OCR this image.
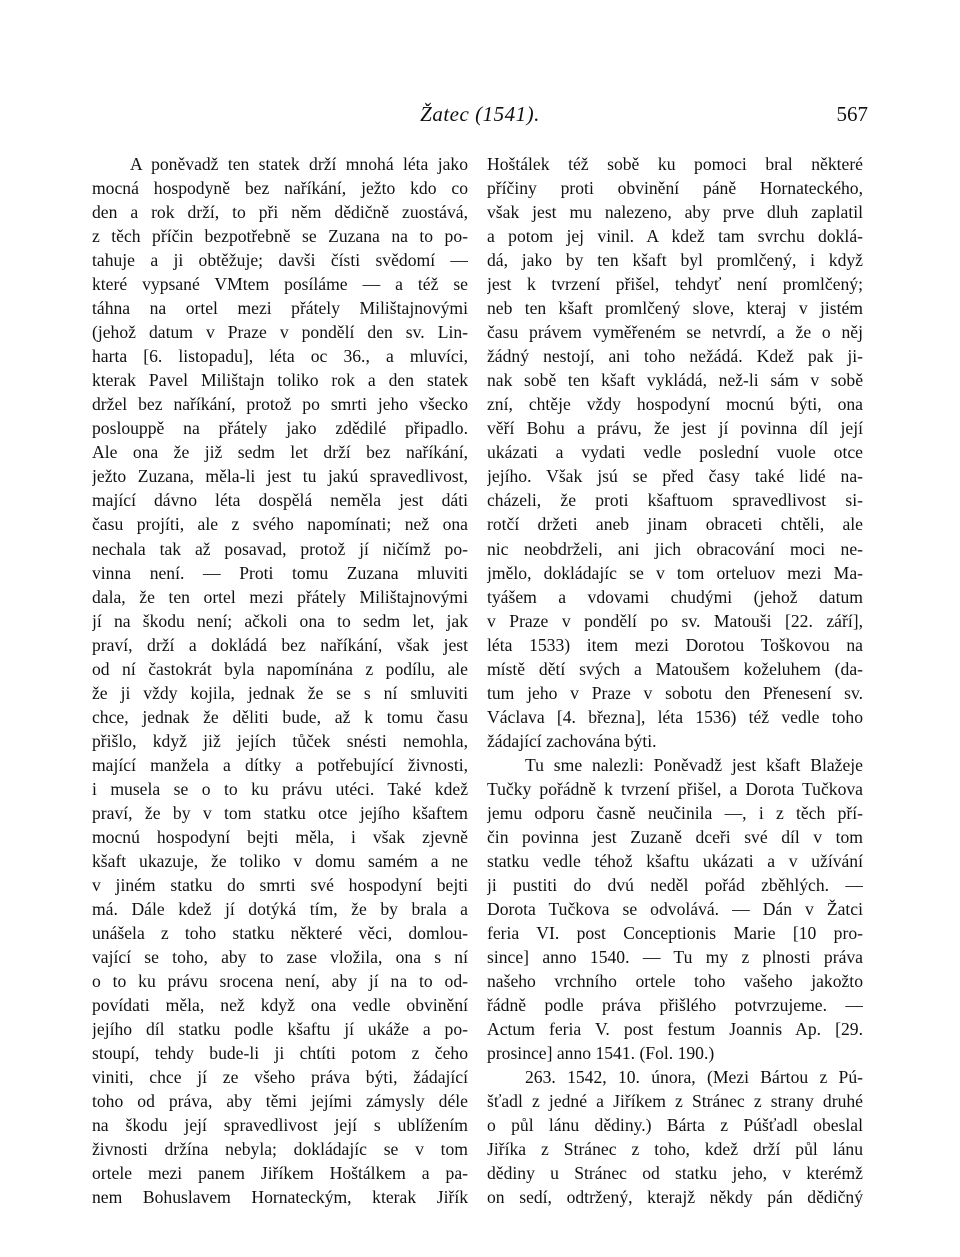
Žatec (1541).	567
A poněvadž ten statek drží mnohá léta jako
mocná hospodyně bez naříkání, ježto kdo co
den a rok drží, to při něm dědičně zuostává,
z těch příčin bezpotřebně se Zuzana na to po-
tahuje a ji obtěžuje; davši čísti svědomí —
které vypsané VMtem posíláme — a též se
táhna na ortel mezi přátely Milištajnovými
(jehož datum v Praze v pondělí den sv. Lin-
harta [6. listopadu], léta oc 36., a mluvíci,
kterak Pavel Milištajn toliko rok a den statek
držel bez naříkání, protož po smrti jeho všecko
poslouppě na přátely jako zdědilé připadlo.
Ale ona že již sedm let drží bez naříkání,
ježto Zuzana, měla-li jest tu jakú spravedlivost,
mající dávno léta dospělá neměla jest dáti
času projíti, ale z svého napomínati; než ona
nechala tak až posavad, protož jí ničímž po-
vinna není. — Proti tomu Zuzana mluviti
dala, že ten ortel mezi přátely Milištajnovými
jí na škodu není; ačkoli ona to sedm let, jak
praví, drží a dokládá bez naříkání, však jest
od ní častokrát byla napomínána z podílu, ale
že ji vždy kojila, jednak že se s ní smluviti
chce, jednak že děliti bude, až k tomu času
přišlo, když již jejích tůček snésti nemohla,
mající manžela a dítky a potřebující živnosti,
i musela se o to ku právu utéci. Také kdež
praví, že by v tom statku otce jejího kšaftem
mocnú hospodyní bejti měla, i však zjevně
kšaft ukazuje, že toliko v domu samém a ne
v jiném statku do smrti své hospodyní bejti
má. Dále kdež jí dotýká tím, že by brala a
unášela z toho statku některé věci, domlou-
vající se toho, aby to zase vložila, ona s ní
o to ku právu srocena není, aby jí na to od-
povídati měla, než když ona vedle obvinění
jejího díl statku podle kšaftu jí ukáže a po-
stoupí, tehdy bude-li ji chtíti potom z čeho
viniti, chce jí ze všeho práva býti, žádající
toho od práva, aby těmi jejími zámysly déle
na škodu její spravedlivost její s ublížením
živnosti držína nebyla; dokládajíc se v tom
ortele mezi panem Jiříkem Hoštálkem a pa-
nem Bohuslavem Hornateckým, kterak Jiřík
Hoštálek též sobě ku pomoci bral některé
příčiny proti obvinění páně Hornateckého,
však jest mu nalezeno, aby prve dluh zaplatil
a potom jej vinil. A kdež tam svrchu doklá-
dá, jako by ten kšaft byl promlčený, i když
jest k tvrzení přišel, tehdyť není promlčený;
neb ten kšaft promlčený slove, kteraj v jistém
času právem vyměřeném se netvrdí, a že o něj
žádný nestojí, ani toho nežádá. Kdež pak ji-
nak sobě ten kšaft vykládá, než-li sám v sobě
zní, chtěje vždy hospodyní mocnú býti, ona
věří Bohu a právu, že jest jí povinna díl její
ukázati a vydati vedle poslední vuole otce
jejího. Však jsú se před časy také lidé na-
cházeli, že proti kšaftuom spravedlivost si-
rotčí držeti aneb jinam obraceti chtěli, ale
nic neobdrželi, ani jich obracování moci ne-
jmělo, dokládajíc se v tom orteluov mezi Ma-
tyášem a vdovami chudými (jehož datum
v Praze v pondělí po sv. Matouši [22. září],
léta 1533) item mezi Dorotou Toškovou na
místě dětí svých a Matoušem koželuhem (da-
tum jeho v Praze v sobotu den Přenesení sv.
Václava [4. března], léta 1536) též vedle toho
žádající zachována býti.
Tu sme nalezli: Poněvadž jest kšaft Blažeje
Tučky pořádně k tvrzení přišel, a Dorota Tučkova
jemu odporu časně neučinila —, i z těch pří-
čin povinna jest Zuzaně dceři své díl v tom
statku vedle téhož kšaftu ukázati a v užívání
ji pustiti do dvú neděl pořád zběhlých. —
Dorota Tučkova se odvolává. — Dán v Žatci
feria VI. post Conceptionis Marie [10 pro-
since] anno 1540. — Tu my z plnosti práva
našeho vrchního ortele toho vašeho jakožto
řádně podle práva přišlého potvrzujeme. —
Actum feria V. post festum Joannis Ap. [29.
prosince] anno 1541. (Fol. 190.)
263. 1542, 10. února, (Mezi Bártou z Pú-
šťadl z jedné a Jiříkem z Stránec z strany druhé
o půl lánu dědiny.) Bárta z Púšťadl obeslal
Jiříka z Stránec z toho, kdež drží půl lánu
dědiny u Stránec od statku jeho, v kterémž
on sedí, odtržený, kterajž někdy pán dědičný
